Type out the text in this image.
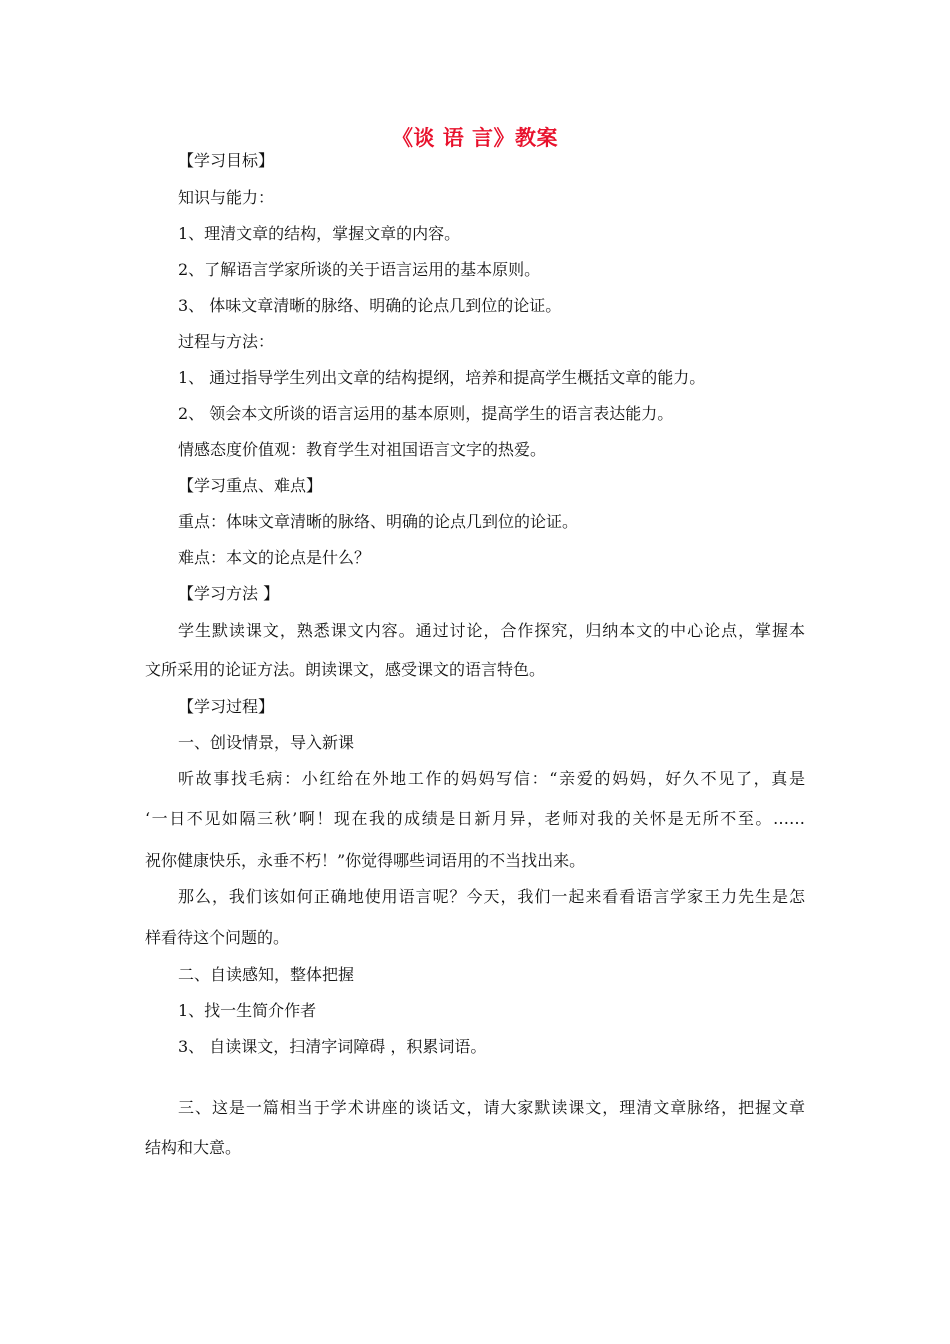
《谈 语 言》教案
【学习目标】
知识与能力：
1、理清文章的结构，掌握文章的内容。
2、了解语言学家所谈的关于语言运用的基本原则。
3、 体味文章清晰的脉络、明确的论点几到位的论证。
过程与方法：
1、 通过指导学生列出文章的结构提纲，培养和提高学生概括文章的能力。
2、 领会本文所谈的语言运用的基本原则，提高学生的语言表达能力。
情感态度价值观：教育学生对祖国语言文字的热爱。
【学习重点、难点】
重点：体味文章清晰的脉络、明确的论点几到位的论证。
难点：本文的论点是什么？
【学习方法 】
学生默读课文，熟悉课文内容。通过讨论，合作探究，归纳本文的中心论点，掌握本
文所采用的论证方法。朗读课文，感受课文的语言特色。
【学习过程】
一、创设情景，导入新课
听故事找毛病：小红给在外地工作的妈妈写信：“亲爱的妈妈，好久不见了，真是
‘一日不见如隔三秋’啊！现在我的成绩是日新月异，老师对我的关怀是无所不至。……
祝你健康快乐，永垂不朽！”你觉得哪些词语用的不当找出来。
那么，我们该如何正确地使用语言呢？今天，我们一起来看看语言学家王力先生是怎
样看待这个问题的。
二、自读感知，整体把握
1、找一生简介作者
3、 自读课文，扫清字词障碍 ，积累词语。
三、这是一篇相当于学术讲座的谈话文，请大家默读课文，理清文章脉络，把握文章
结构和大意。
